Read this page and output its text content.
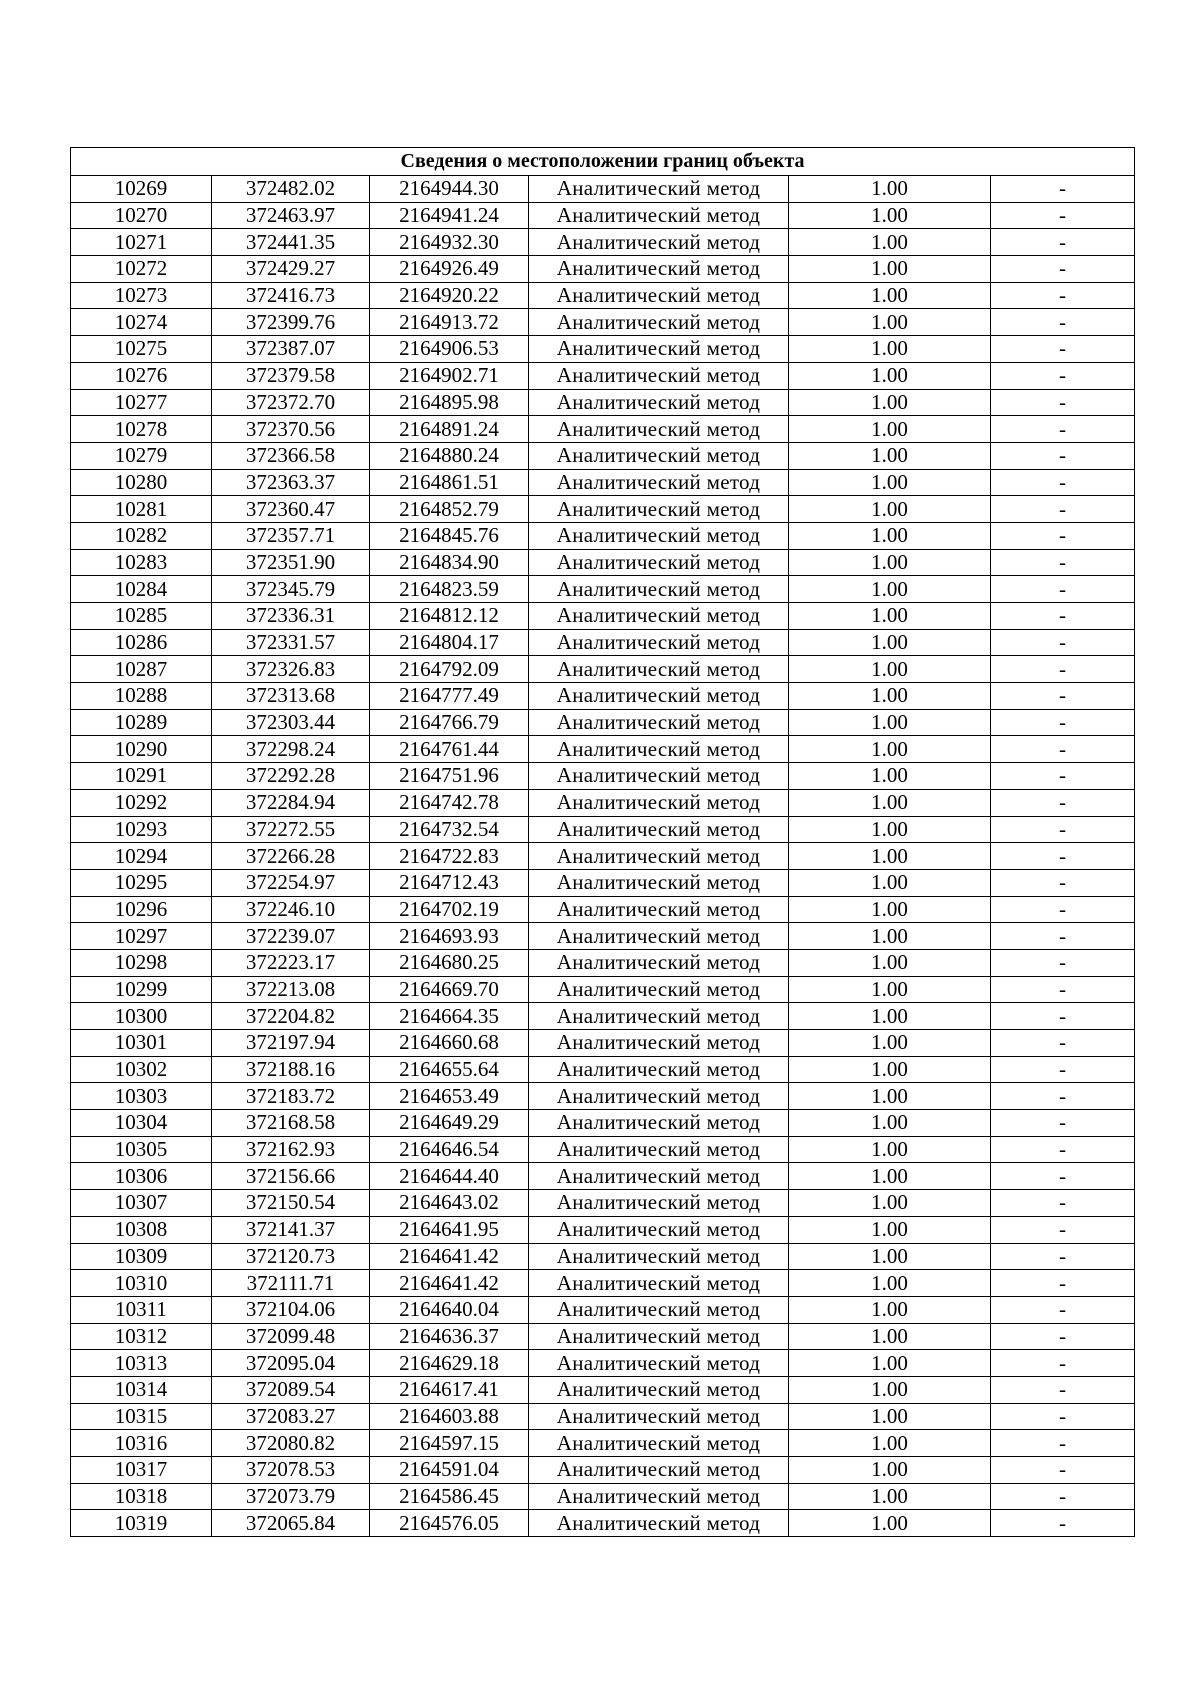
Сведения о местоположении границ объекта					
10269	372482.02	2164944.30	Аналитический метод	1.00	-
10270	372463.97	2164941.24	Аналитический метод	1.00	-
10271	372441.35	2164932.30	Аналитический метод	1.00	-
10272	372429.27	2164926.49	Аналитический метод	1.00	-
10273	372416.73	2164920.22	Аналитический метод	1.00	-
10274	372399.76	2164913.72	Аналитический метод	1.00	-
10275	372387.07	2164906.53	Аналитический метод	1.00	-
10276	372379.58	2164902.71	Аналитический метод	1.00	-
10277	372372.70	2164895.98	Аналитический метод	1.00	-
10278	372370.56	2164891.24	Аналитический метод	1.00	-
10279	372366.58	2164880.24	Аналитический метод	1.00	-
10280	372363.37	2164861.51	Аналитический метод	1.00	-
10281	372360.47	2164852.79	Аналитический метод	1.00	-
10282	372357.71	2164845.76	Аналитический метод	1.00	-
10283	372351.90	2164834.90	Аналитический метод	1.00	-
10284	372345.79	2164823.59	Аналитический метод	1.00	-
10285	372336.31	2164812.12	Аналитический метод	1.00	-
10286	372331.57	2164804.17	Аналитический метод	1.00	-
10287	372326.83	2164792.09	Аналитический метод	1.00	-
10288	372313.68	2164777.49	Аналитический метод	1.00	-
10289	372303.44	2164766.79	Аналитический метод	1.00	-
10290	372298.24	2164761.44	Аналитический метод	1.00	-
10291	372292.28	2164751.96	Аналитический метод	1.00	-
10292	372284.94	2164742.78	Аналитический метод	1.00	-
10293	372272.55	2164732.54	Аналитический метод	1.00	-
10294	372266.28	2164722.83	Аналитический метод	1.00	-
10295	372254.97	2164712.43	Аналитический метод	1.00	-
10296	372246.10	2164702.19	Аналитический метод	1.00	-
10297	372239.07	2164693.93	Аналитический метод	1.00	-
10298	372223.17	2164680.25	Аналитический метод	1.00	-
10299	372213.08	2164669.70	Аналитический метод	1.00	-
10300	372204.82	2164664.35	Аналитический метод	1.00	-
10301	372197.94	2164660.68	Аналитический метод	1.00	-
10302	372188.16	2164655.64	Аналитический метод	1.00	-
10303	372183.72	2164653.49	Аналитический метод	1.00	-
10304	372168.58	2164649.29	Аналитический метод	1.00	-
10305	372162.93	2164646.54	Аналитический метод	1.00	-
10306	372156.66	2164644.40	Аналитический метод	1.00	-
10307	372150.54	2164643.02	Аналитический метод	1.00	-
10308	372141.37	2164641.95	Аналитический метод	1.00	-
10309	372120.73	2164641.42	Аналитический метод	1.00	-
10310	372111.71	2164641.42	Аналитический метод	1.00	-
10311	372104.06	2164640.04	Аналитический метод	1.00	-
10312	372099.48	2164636.37	Аналитический метод	1.00	-
10313	372095.04	2164629.18	Аналитический метод	1.00	-
10314	372089.54	2164617.41	Аналитический метод	1.00	-
10315	372083.27	2164603.88	Аналитический метод	1.00	-
10316	372080.82	2164597.15	Аналитический метод	1.00	-
10317	372078.53	2164591.04	Аналитический метод	1.00	-
10318	372073.79	2164586.45	Аналитический метод	1.00	-
10319	372065.84	2164576.05	Аналитический метод	1.00	-
